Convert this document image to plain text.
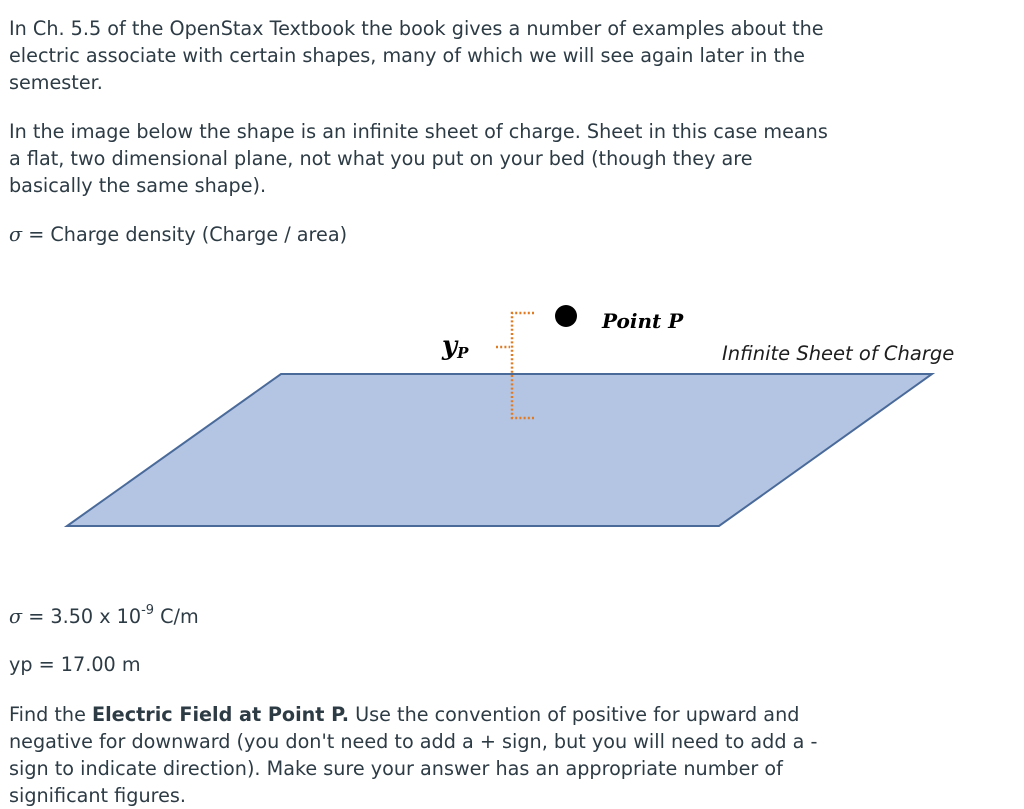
In Ch. 5.5 of the OpenStax Textbook the book gives a number of examples about the

electric associate with certain shapes, many of which we will see again later in the

semester.

In the image below the shape is an infinite sheet of charge. Sheet in this case means

a flat, two dimensional plane, not what you put on your bed (though they are

basically the same shape).

σ = Charge density (Charge / area)

yP
Point P
Infinite Sheet of Charge

σ = 3.50 x $10^{-9}$ C/m

yp = 17.00 m

Find the Electric Field at Point P. Use the convention of positive for upward and

negative for downward (you don't need to add a + sign, but you will need to add a -

sign to indicate direction). Make sure your answer has an appropriate number of

significant figures.
